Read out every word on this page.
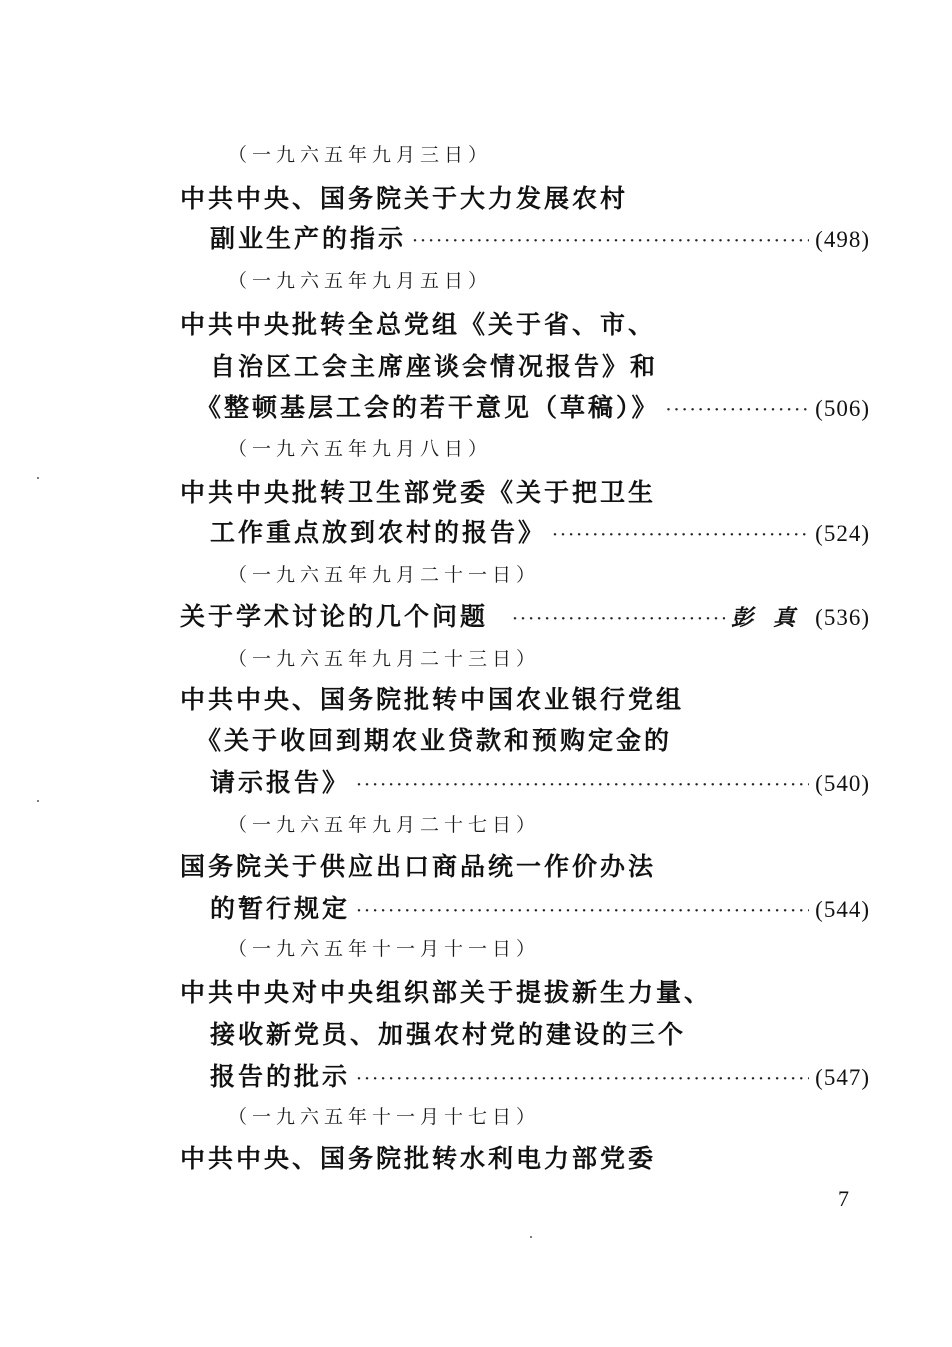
（一九六五年九月三日）
中共中央、国务院关于大力发展农村
副业生产的指示 ·····	(498)
（一九六五年九月五日）
中共中央批转全总党组《关于省、市、
自治区工会主席座谈会情况报告》和
《整顿基层工会的若干意见（草稿）》 ·····	(506)
（一九六五年九月八日）
中共中央批转卫生部党委《关于把卫生
工作重点放到农村的报告》 ·····	(524)
（一九六五年九月二十一日）
关于学术讨论的几个问题 ·····	彭真 (536)
（一九六五年九月二十三日）
中共中央、国务院批转中国农业银行党组
《关于收回到期农业贷款和预购定金的
请示报告》 ·····	(540)
（一九六五年九月二十七日）
国务院关于供应出口商品统一作价办法
的暂行规定 ·····	(544)
（一九六五年十一月十一日）
中共中央对中央组织部关于提拔新生力量、
接收新党员、加强农村党的建设的三个
报告的批示 ·····	(547)
（一九六五年十一月十七日）
中共中央、国务院批转水利电力部党委
7
